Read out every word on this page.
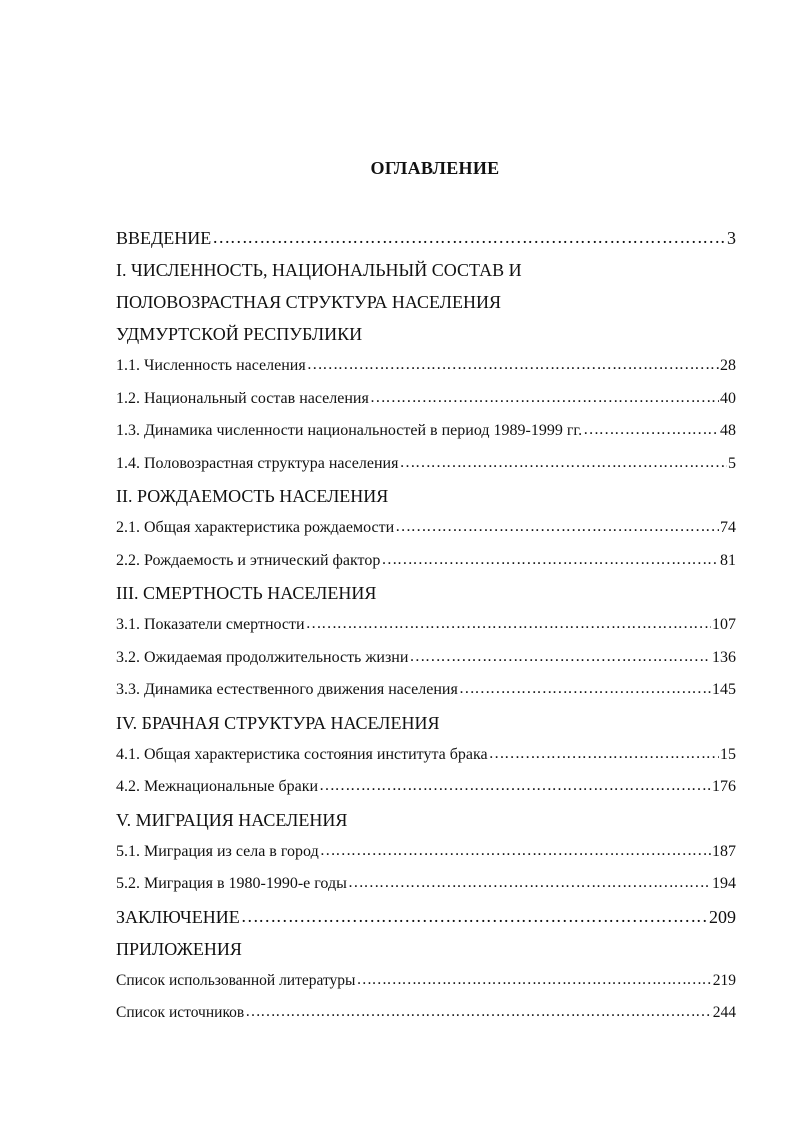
ОГЛАВЛЕНИЕ
ВВЕДЕНИЕ ………………………………………………………………………………………………………………………………………………………………………………………………	3
I. ЧИСЛЕННОСТЬ, НАЦИОНАЛЬНЫЙ СОСТАВ И
ПОЛОВОЗРАСТНАЯ СТРУКТУРА НАСЕЛЕНИЯ
УДМУРТСКОЙ РЕСПУБЛИКИ
1.1. Численность населения ………………………………………………………………………………………………………………………………………………………………………………………………	28
1.2. Национальный состав населения ………………………………………………………………………………………………………………………………………………………………………………………………	40
1.3. Динамика численности национальностей в период 1989-1999 гг. ………………………………………………………………………………………………………………………………………………………………………………………………	48
1.4. Половозрастная структура населения ………………………………………………………………………………………………………………………………………………………………………………………………	5
II. РОЖДАЕМОСТЬ НАСЕЛЕНИЯ
2.1. Общая характеристика рождаемости ………………………………………………………………………………………………………………………………………………………………………………………………	74
2.2. Рождаемость и этнический фактор ………………………………………………………………………………………………………………………………………………………………………………………………	81
III. СМЕРТНОСТЬ НАСЕЛЕНИЯ
3.1. Показатели смертности ………………………………………………………………………………………………………………………………………………………………………………………………	107
3.2. Ожидаемая продолжительность жизни ………………………………………………………………………………………………………………………………………………………………………………………………	136
3.3. Динамика естественного движения населения ………………………………………………………………………………………………………………………………………………………………………………………………	145
IV. БРАЧНАЯ СТРУКТУРА НАСЕЛЕНИЯ
4.1. Общая характеристика состояния института брака ………………………………………………………………………………………………………………………………………………………………………………………………	15
4.2. Межнациональные браки ………………………………………………………………………………………………………………………………………………………………………………………………	176
V. МИГРАЦИЯ НАСЕЛЕНИЯ
5.1. Миграция из села в город ………………………………………………………………………………………………………………………………………………………………………………………………	187
5.2. Миграция в 1980-1990-е годы ………………………………………………………………………………………………………………………………………………………………………………………………	194
ЗАКЛЮЧЕНИЕ ………………………………………………………………………………………………………………………………………………………………………………………………	209
ПРИЛОЖЕНИЯ
Список использованной литературы ………………………………………………………………………………………………………………………………………………………………………………………………	219
Список источников ………………………………………………………………………………………………………………………………………………………………………………………………	244
